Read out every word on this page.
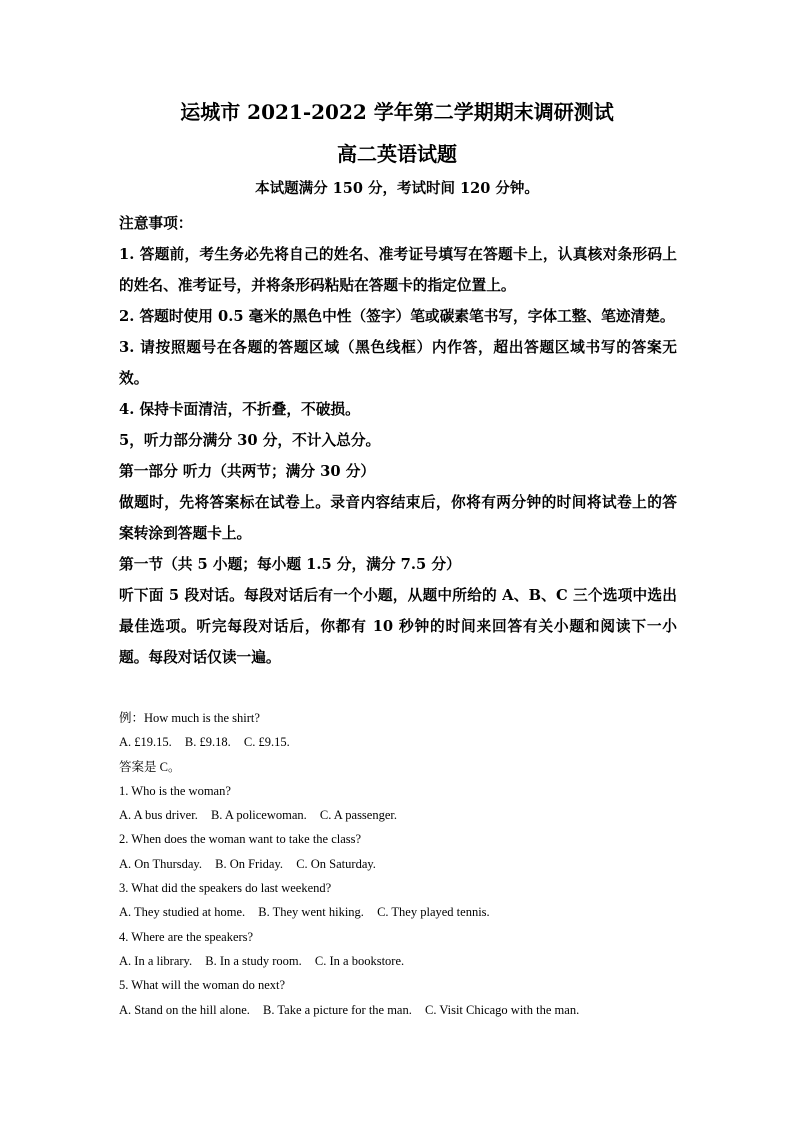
运城市 2021-2022 学年第二学期期末调研测试
高二英语试题
本试题满分 150 分，考试时间 120 分钟。

注意事项：

1. 答题前，考生务必先将自己的姓名、准考证号填写在答题卡上，认真核对条形码上的姓名、准考证号，并将条形码粘贴在答题卡的指定位置上。

2. 答题时使用 0.5 毫米的黑色中性（签字）笔或碳素笔书写，字体工整、笔迹清楚。

3. 请按照题号在各题的答题区域（黑色线框）内作答，超出答题区域书写的答案无效。

4. 保持卡面清洁，不折叠，不破损。

5，听力部分满分 30 分，不计入总分。

第一部分 听力（共两节；满分 30 分）

做题时，先将答案标在试卷上。录音内容结束后，你将有两分钟的时间将试卷上的答案转涂到答题卡上。

第一节（共 5 小题；每小题 1.5 分，满分 7.5 分）

听下面 5 段对话。每段对话后有一个小题，从题中所给的 A、B、C 三个选项中选出最佳选项。听完每段对话后，你都有 10 秒钟的时间来回答有关小题和阅读下一小题。每段对话仅读一遍。

例：How much is the shirt?

A. £19.15. B. £9.18. C. £9.15.

答案是 C。

1. Who is the woman?

A. A bus driver. B. A policewoman. C. A passenger.

2. When does the woman want to take the class?

A. On Thursday. B. On Friday. C. On Saturday.

3. What did the speakers do last weekend?

A. They studied at home. B. They went hiking. C. They played tennis.

4. Where are the speakers?

A. In a library. B. In a study room. C. In a bookstore.

5. What will the woman do next?

A. Stand on the hill alone. B. Take a picture for the man. C. Visit Chicago with the man.
